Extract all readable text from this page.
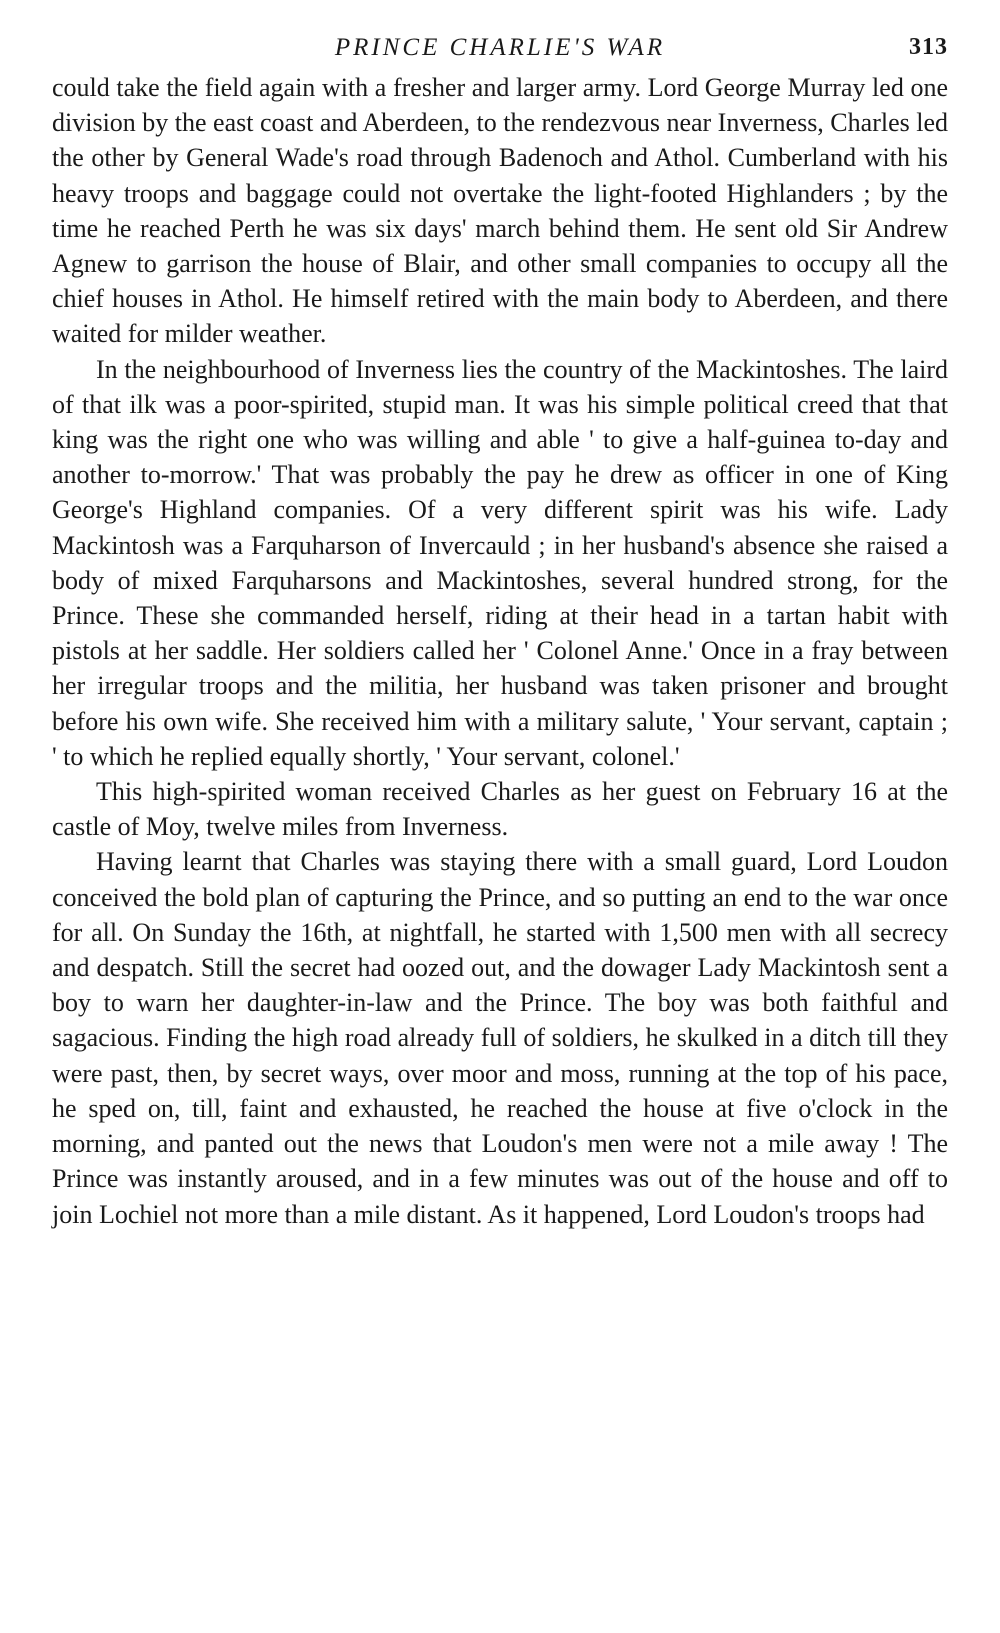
PRINCE CHARLIE'S WAR	313

could take the field again with a fresher and larger army. Lord George Murray led one division by the east coast and Aberdeen, to the rendezvous near Inverness, Charles led the other by General Wade's road through Badenoch and Athol. Cumberland with his heavy troops and baggage could not overtake the light-footed Highlanders ; by the time he reached Perth he was six days' march behind them. He sent old Sir Andrew Agnew to garrison the house of Blair, and other small companies to occupy all the chief houses in Athol. He himself retired with the main body to Aberdeen, and there waited for milder weather.

In the neighbourhood of Inverness lies the country of the Mackintoshes. The laird of that ilk was a poor-spirited, stupid man. It was his simple political creed that that king was the right one who was willing and able ' to give a half-guinea to-day and another to-morrow.' That was probably the pay he drew as officer in one of King George's Highland companies. Of a very different spirit was his wife. Lady Mackintosh was a Farquharson of Invercauld ; in her husband's absence she raised a body of mixed Farquharsons and Mackintoshes, several hundred strong, for the Prince. These she commanded herself, riding at their head in a tartan habit with pistols at her saddle. Her soldiers called her ' Colonel Anne.' Once in a fray between her irregular troops and the militia, her husband was taken prisoner and brought before his own wife. She received him with a military salute, ' Your servant, captain ; ' to which he replied equally shortly, ' Your servant, colonel.'

This high-spirited woman received Charles as her guest on February 16 at the castle of Moy, twelve miles from Inverness.

Having learnt that Charles was staying there with a small guard, Lord Loudon conceived the bold plan of capturing the Prince, and so putting an end to the war once for all. On Sunday the 16th, at nightfall, he started with 1,500 men with all secrecy and despatch. Still the secret had oozed out, and the dowager Lady Mackintosh sent a boy to warn her daughter-in-law and the Prince. The boy was both faithful and sagacious. Finding the high road already full of soldiers, he skulked in a ditch till they were past, then, by secret ways, over moor and moss, running at the top of his pace, he sped on, till, faint and exhausted, he reached the house at five o'clock in the morning, and panted out the news that Loudon's men were not a mile away ! The Prince was instantly aroused, and in a few minutes was out of the house and off to join Lochiel not more than a mile distant. As it happened, Lord Loudon's troops had
